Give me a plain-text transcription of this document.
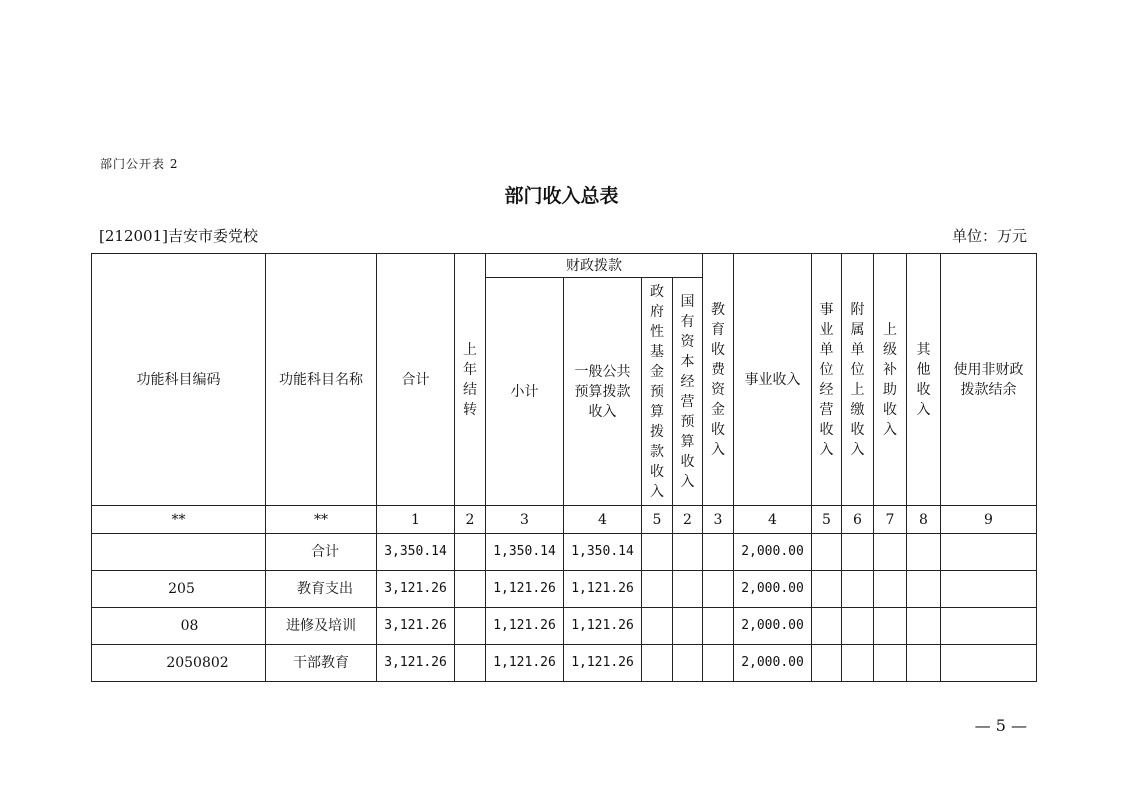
部门公开表 2
部门收入总表
[212001]吉安市委党校	单位：万元
功能科目编码	功能科目名称	合计	上年结转	财政拨款				教育收费资金收入	事业收入	事业单位经营收入	附属单位上缴收入	上级补助收入	其他收入	使用非财政拨款结余

				小计	一般公共预算拨款收入	政府性基金预算拨款收入	国有资本经营预算收入							
**	**	1	2	3	4	5	2	3	4	5	6	7	8	9
	合计	3,350.14		1,350.14	1,350.14				2,000.00					
205	教育支出	3,121.26		1,121.26	1,121.26				2,000.00					
08	进修及培训	3,121.26		1,121.26	1,121.26				2,000.00					
2050802	干部教育	3,121.26		1,121.26	1,121.26				2,000.00					
— 5 —
